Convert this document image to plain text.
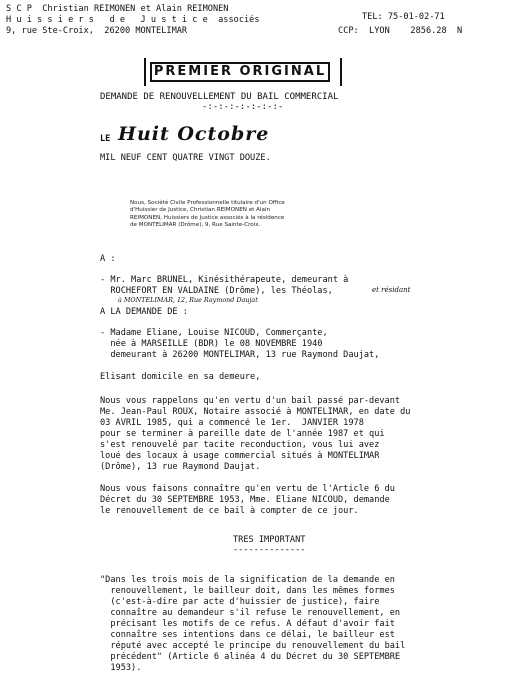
S C P  Christian REIMONEN et Alain REIMONEN
H u i s s i e r s   d e   J u s t i c e  associés
9, rue Ste-Croix,  26200 MONTELIMAR
TEL: 75-01-02-71
CCP:  LYON    2856.28  N
PREMIER ORIGINAL
DEMANDE DE RENOUVELLEMENT DU BAIL COMMERCIAL
-:-:-:-:-:-:-:-
LE Huit Octobre
MIL NEUF CENT QUATRE VINGT DOUZE.
Nous, Société Civile Professionnelle titulaire d'un Office
d'Huissier de Justice, Christian REIMONEN et Alain
REIMONEN, Huissiers de Justice associés à la résidence
de MONTELIMAR (Drôme), 9, Rue Sainte-Croix.
A :
- Mr. Marc BRUNEL, Kinésithérapeute, demeurant à
ROCHEFORT EN VALDAINE (Drôme), les Théolas,	et résidant
à MONTELIMAR, 12, Rue Raymond Daujat
A LA DEMANDE DE :
- Madame Eliane, Louise NICOUD, Commerçante,
née à MARSEILLE (BDR) le 08 NOVEMBRE 1940
demeurant à 26200 MONTELIMAR, 13 rue Raymond Daujat,
Elisant domicile en sa demeure,
Nous vous rappelons qu'en vertu d'un bail passé par-devant
Me. Jean-Paul ROUX, Notaire associé à MONTELIMAR, en date du
03 AVRIL 1985, qui a commencé le 1er.  JANVIER 1978
pour se terminer à pareille date de l'année 1987 et qui
s'est renouvelé par tacite reconduction, vous lui avez
loué des locaux à usage commercial situés à MONTELIMAR
(Drôme), 13 rue Raymond Daujat.
Nous vous faisons connaître qu'en vertu de l'Article 6 du
Décret du 30 SEPTEMBRE 1953, Mme. Eliane NICOUD, demande
le renouvellement de ce bail à compter de ce jour.
TRES IMPORTANT
--------------
"Dans les trois mois de la signification de la demande en
renouvellement, le bailleur doit, dans les mêmes formes
(c'est-à-dire par acte d'huissier de justice), faire
connaître au demandeur s'il refuse le renouvellement, en
précisant les motifs de ce refus. A défaut d'avoir fait
connaître ses intentions dans ce délai, le bailleur est
réputé avec accepté le principe du renouvellement du bail
précédent" (Article 6 alinéa 4 du Décret du 30 SEPTEMBRE
1953).
